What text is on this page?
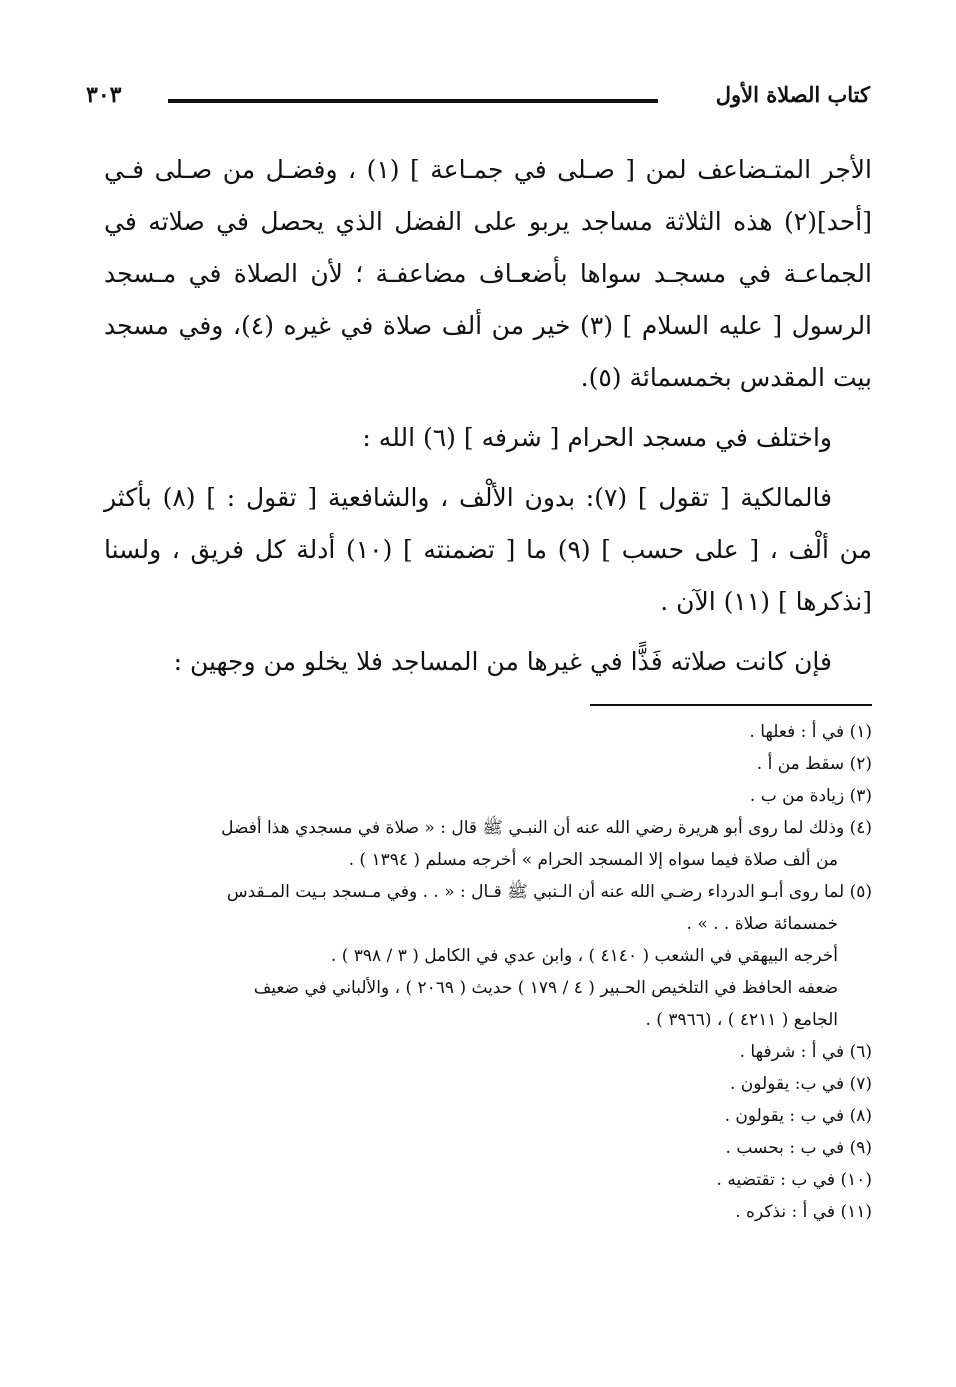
كتاب الصلاة الأول
٣٠٣

الأجر المتـضاعف لمن [ صـلى في جمـاعة ] (١) ، وفضـل من صـلى فـي [أحد](٢) هذه الثلاثة مساجد يربو على الفضل الذي يحصل في صلاته في الجماعـة في مسجـد سواها بأضعـاف مضاعفـة ؛ لأن الصلاة في مـسجد الرسول [ عليه السلام ] (٣) خير من ألف صلاة في غيره (٤)، وفي مسجد بيت المقدس بخمسمائة (٥).

واختلف في مسجد الحرام [ شرفه ] (٦) الله :

فالمالكية [ تقول ] (٧): بدون الألْف ، والشافعية [ تقول : ] (٨) بأكثر من ألْف ، [ على حسب ] (٩) ما [ تضمنته ] (١٠) أدلة كل فريق ، ولسنا [نذكرها ] (١١) الآن .

فإن كانت صلاته فَذًّا في غيرها من المساجد فلا يخلو من وجهين :

(١) في أ : فعلها .
(٢) سقط من أ .
(٣) زيادة من ب .
(٤) وذلك لما روى أبو هريرة رضي الله عنه أن النبـي ﷺ قال : « صلاة في مسجدي هذا أفضل
من ألف صلاة فيما سواه إلا المسجد الحرام » أخرجه مسلم ( ١٣٩٤ ) .
(٥) لما روى أبـو الدرداء رضـي الله عنه أن الـنبي ﷺ قـال : « . . وفي مـسجد بـيت المـقدس
خمسمائة صلاة . . » .
أخرجه البيهقي في الشعب ( ٤١٤٠ ) ، وابن عدي في الكامل ( ٣ / ٣٩٨ ) .
ضعفه الحافظ في التلخيص الحـبير ( ٤ / ١٧٩ ) حديث ( ٢٠٦٩ ) ، والألباني في ضعيف
الجامع ( ٤٢١١ ) ، (٣٩٦٦ ) .
(٦) في أ : شرفها .
(٧) في ب: يقولون .
(٨) في ب : يقولون .
(٩) في ب : بحسب .
(١٠) في ب : تقتضيه .
(١١) في أ : نذكره .
